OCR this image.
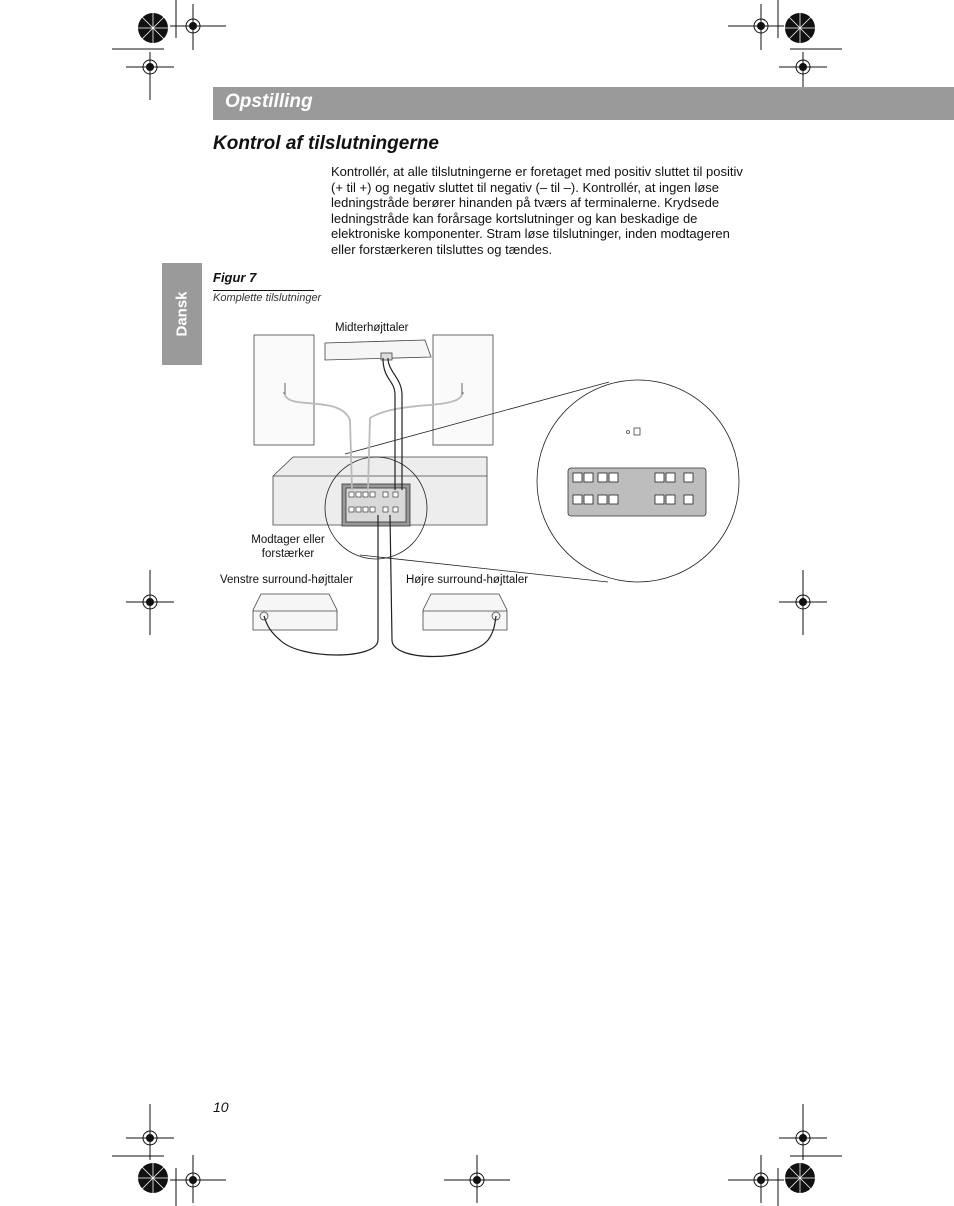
Opstilling
Kontrol af tilslutningerne

Kontrollér, at alle tilslutningerne er foretaget med positiv sluttet til positiv (+ til +) og negativ sluttet til negativ (– til –). Kontrollér, at ingen løse ledningstråde berører hinanden på tværs af terminalerne. Krydsede ledningstråde kan forårsage kortslutninger og kan beskadige de elektroniske komponenter. Stram løse tilslutninger, inden modtageren eller forstærkeren tilsluttes og tændes.

Dansk
Figur 7
Komplette tilslutninger
Midterhøjttaler
Modtager eller
forstærker
Venstre surround-højttaler	Højre surround-højttaler
10
